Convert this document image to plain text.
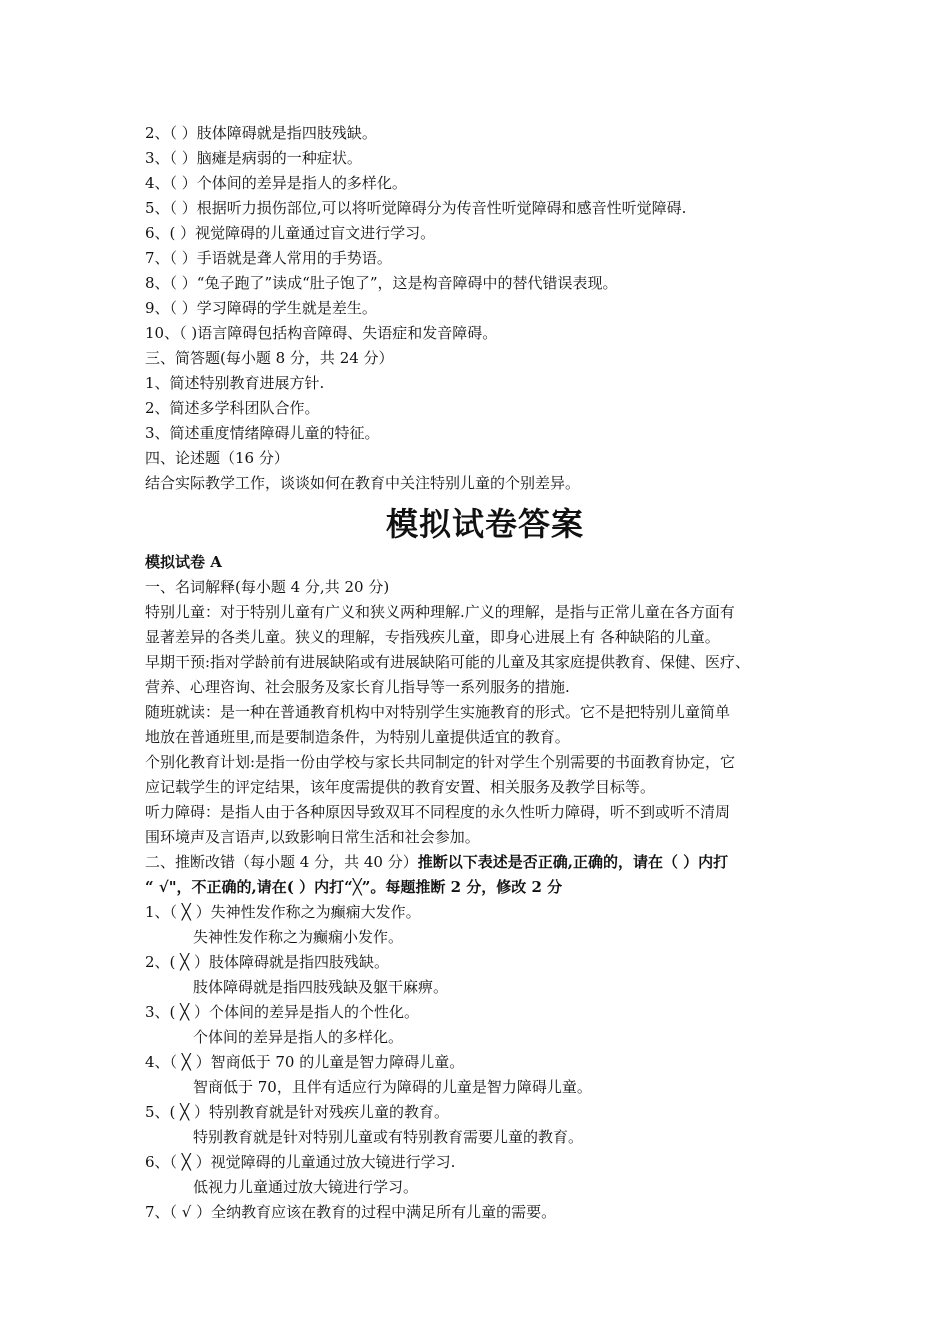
2、（ ）肢体障碍就是指四肢残缺。
3、（ ）脑瘫是病弱的一种症状。
4、（ ）个体间的差异是指人的多样化。
5、（ ）根据听力损伤部位,可以将听觉障碍分为传音性听觉障碍和感音性听觉障碍.
6、( ）视觉障碍的儿童通过盲文进行学习。
7、（ ）手语就是聋人常用的手势语。
8、（ ）“兔子跑了”读成“肚子饱了”，这是构音障碍中的替代错误表现。
9、（ ）学习障碍的学生就是差生。
10、（ )语言障碍包括构音障碍、失语症和发音障碍。
三、简答题(每小题 8 分，共 24 分）
1、简述特别教育进展方针.
2、简述多学科团队合作。
3、简述重度情绪障碍儿童的特征。
四、论述题（16 分）
结合实际教学工作，谈谈如何在教育中关注特别儿童的个别差异。
模拟试卷答案
模拟试卷 A
一、名词解释(每小题 4 分,共 20 分)
特别儿童：对于特别儿童有广义和狭义两种理解.广义的理解，是指与正常儿童在各方面有
显著差异的各类儿童。狭义的理解，专指残疾儿童，即身心进展上有 各种缺陷的儿童。
早期干预:指对学龄前有进展缺陷或有进展缺陷可能的儿童及其家庭提供教育、保健、医疗、
营养、心理咨询、社会服务及家长育儿指导等一系列服务的措施.
随班就读：是一种在普通教育机构中对特别学生实施教育的形式。它不是把特别儿童简单
地放在普通班里,而是要制造条件，为特别儿童提供适宜的教育。
个别化教育计划:是指一份由学校与家长共同制定的针对学生个别需要的书面教育协定，它
应记载学生的评定结果，该年度需提供的教育安置、相关服务及教学目标等。
听力障碍：是指人由于各种原因导致双耳不同程度的永久性听力障碍，听不到或听不清周
围环境声及言语声,以致影响日常生活和社会参加。
二、推断改错（每小题 4 分，共 40 分）推断以下表述是否正确,正确的，请在（ ）内打
“ √"，不正确的,请在( ）内打“╳”。每题推断 2 分，修改 2 分
1、（ ╳ ）失神性发作称之为癫痫大发作。
失神性发作称之为癫痫小发作。
2、( ╳ ）肢体障碍就是指四肢残缺。
肢体障碍就是指四肢残缺及躯干麻痹。
3、( ╳ ）个体间的差异是指人的个性化。
个体间的差异是指人的多样化。
4、（ ╳ ）智商低于 70 的儿童是智力障碍儿童。
智商低于 70，且伴有适应行为障碍的儿童是智力障碍儿童。
5、( ╳ ）特别教育就是针对残疾儿童的教育。
特别教育就是针对特别儿童或有特别教育需要儿童的教育。
6、（ ╳ ）视觉障碍的儿童通过放大镜进行学习.
低视力儿童通过放大镜进行学习。
7、（ √ ）全纳教育应该在教育的过程中满足所有儿童的需要。
